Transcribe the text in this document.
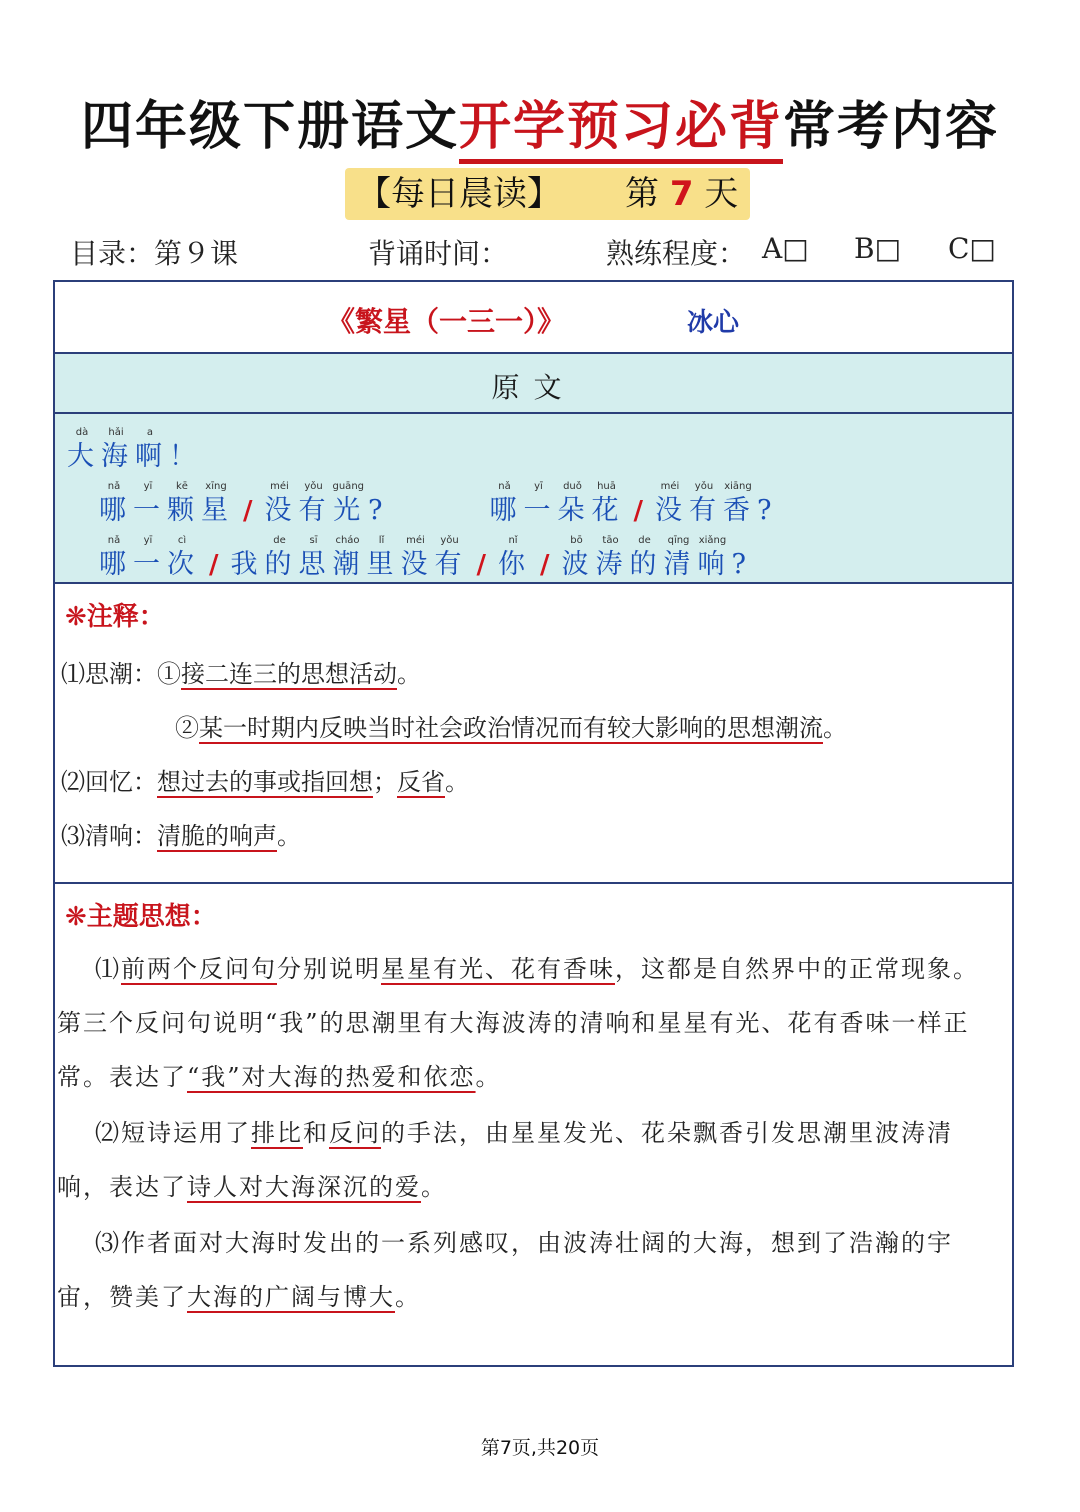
四年级下册语文开学预习必背常考内容
【每日晨读】 第 7 天
目录：第９课	背诵时间：	熟练程度： A□ B□ C□
《繁星（一三一）》	冰心
原文
dà
大
hǎi
海
a
啊 ！
nǎ
哪
yī
一
kē
颗
xīng
星 /
méi
没
yǒu
有
guāng
光 ?
nǎ
哪
yī
一
duǒ
朵
huā
花 /
méi
没
yǒu
有
xiāng
香 ?
nǎ
哪
yī
一
cì
次 / 我
de
的
sī
思
cháo
潮
lǐ
里
méi
没
yǒu
有 /
nǐ
你 /
bō
波
tāo
涛
de
的
qīng
清
xiǎng
响 ?
❋注释：
⑴思潮：①接二连三的思想活动。
②某一时期内反映当时社会政治情况而有较大影响的思想潮流。
⑵回忆：想过去的事或指回想；反省。
⑶清响：清脆的响声。
❋主题思想：
⑴前两个反问句分别说明星星有光、花有香味，这都是自然界中的正常现象。第三个反问句说明“我”的思潮里有大海波涛的清响和星星有光、花有香味一样正常。表达了“我”对大海的热爱和依恋。
⑵短诗运用了排比和反问的手法，由星星发光、花朵飘香引发思潮里波涛清响，表达了诗人对大海深沉的爱。
⑶作者面对大海时发出的一系列感叹，由波涛壮阔的大海，想到了浩瀚的宇宙，赞美了大海的广阔与博大。
第7页,共20页
